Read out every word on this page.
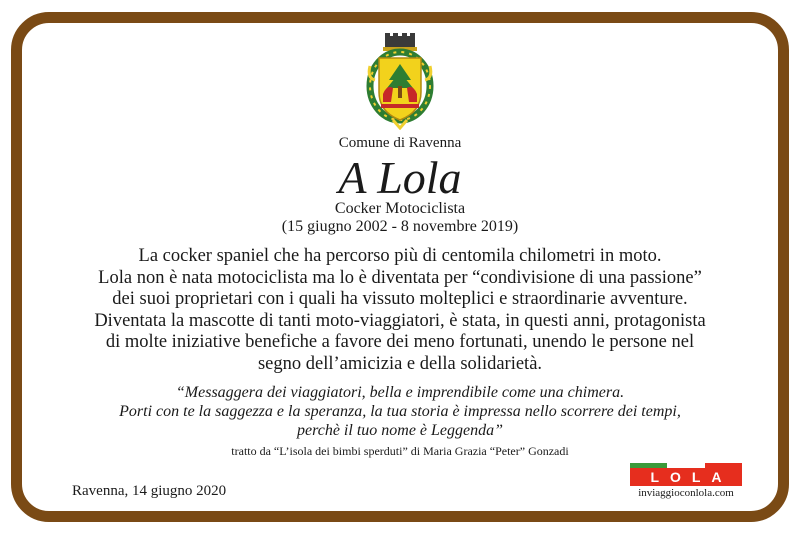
Comune di Ravenna
A Lola
Cocker Motociclista
(15 giugno 2002 - 8 novembre 2019)
La cocker spaniel che ha percorso più di centomila chilometri in moto.
Lola non è nata motociclista ma lo è diventata per “condivisione di una passione”
dei suoi proprietari con i quali ha vissuto molteplici e straordinarie avventure.
Diventata la mascotte di tanti moto-viaggiatori, è stata, in questi anni, protagonista
di molte iniziative benefiche a favore dei meno fortunati, unendo le persone nel
segno dell’amicizia e della solidarietà.
“Messaggera dei viaggiatori, bella e imprendibile come una chimera.
Porti con te la saggezza e la speranza, la tua storia è impressa nello scorrere dei tempi,
perchè il tuo nome è Leggenda”
tratto da “L’isola dei bimbi sperduti” di Maria Grazia “Peter” Gonzadi
Ravenna, 14 giugno 2020
LOLA
inviaggioconlola.com
